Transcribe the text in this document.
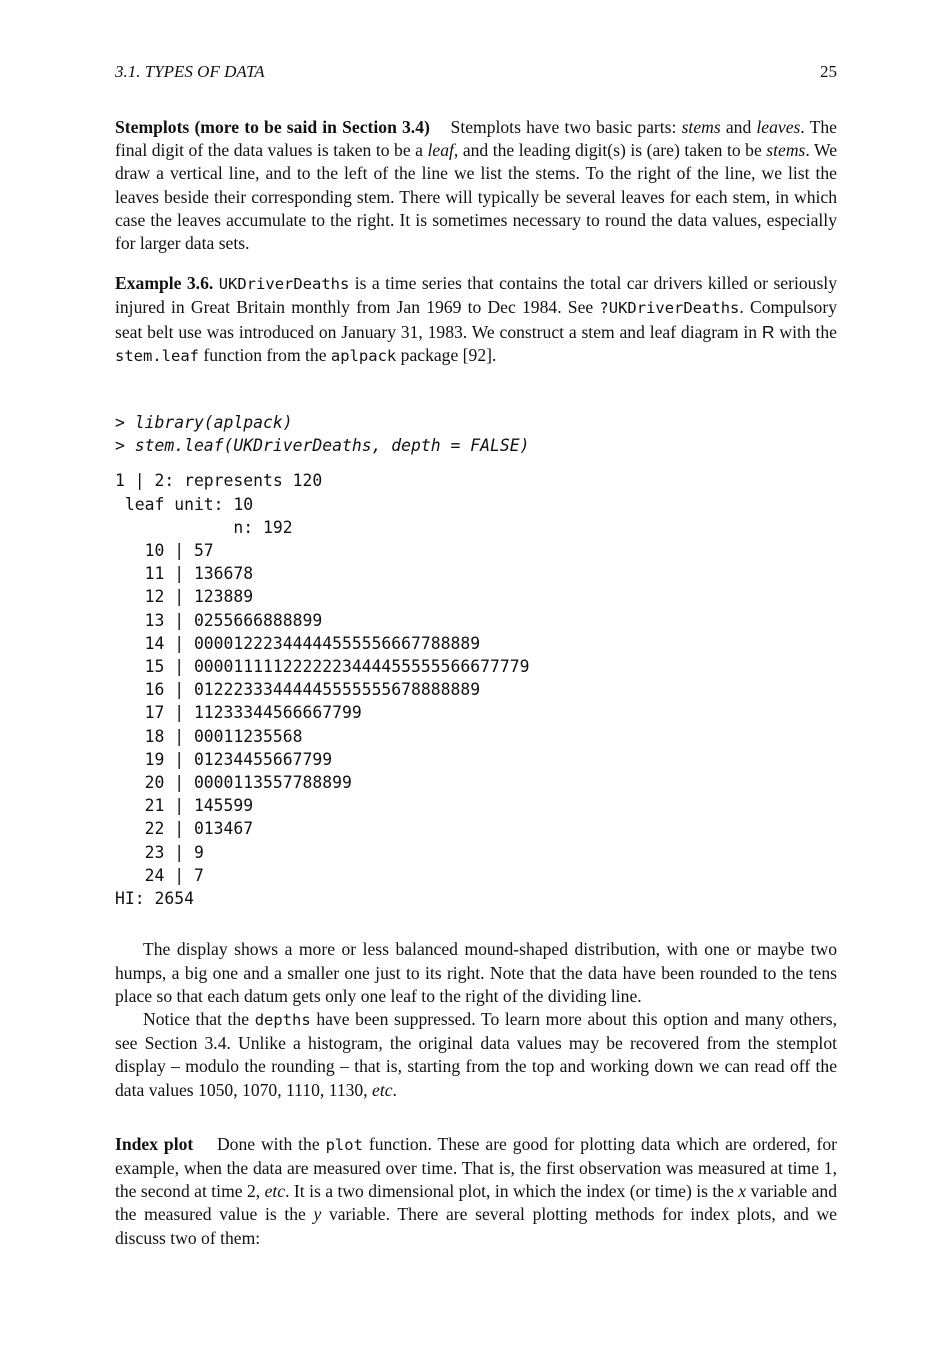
3.1. TYPES OF DATA	25

Stemplots (more to be said in Section 3.4) Stemplots have two basic parts: stems and leaves. The final digit of the data values is taken to be a leaf, and the leading digit(s) is (are) taken to be stems. We draw a vertical line, and to the left of the line we list the stems. To the right of the line, we list the leaves beside their corresponding stem. There will typically be several leaves for each stem, in which case the leaves accumulate to the right. It is sometimes necessary to round the data values, especially for larger data sets.

Example 3.6. UKDriverDeaths is a time series that contains the total car drivers killed or seriously injured in Great Britain monthly from Jan 1969 to Dec 1984. See ?UKDriverDeaths. Compulsory seat belt use was introduced on January 31, 1983. We construct a stem and leaf diagram in R with the stem.leaf function from the aplpack package [92].

> library(aplpack)
> stem.leaf(UKDriverDeaths, depth = FALSE)
1 | 2: represents 120
leaf unit: 10
n: 192
10 | 57
11 | 136678
12 | 123889
13 | 0255666888899
14 | 00001222344444555556667788889
15 | 0000111112222223444455555566677779
16 | 01222333444445555555678888889
17 | 11233344566667799
18 | 00011235568
19 | 01234455667799
20 | 0000113557788899
21 | 145599
22 | 013467
23 | 9
24 | 7
HI: 2654

The display shows a more or less balanced mound-shaped distribution, with one or maybe two humps, a big one and a smaller one just to its right. Note that the data have been rounded to the tens place so that each datum gets only one leaf to the right of the dividing line.

Notice that the depths have been suppressed. To learn more about this option and many others, see Section 3.4. Unlike a histogram, the original data values may be recovered from the stemplot display – modulo the rounding – that is, starting from the top and working down we can read off the data values 1050, 1070, 1110, 1130, etc.

Index plot Done with the plot function. These are good for plotting data which are ordered, for example, when the data are measured over time. That is, the first observation was measured at time 1, the second at time 2, etc. It is a two dimensional plot, in which the index (or time) is the x variable and the measured value is the y variable. There are several plotting methods for index plots, and we discuss two of them:
